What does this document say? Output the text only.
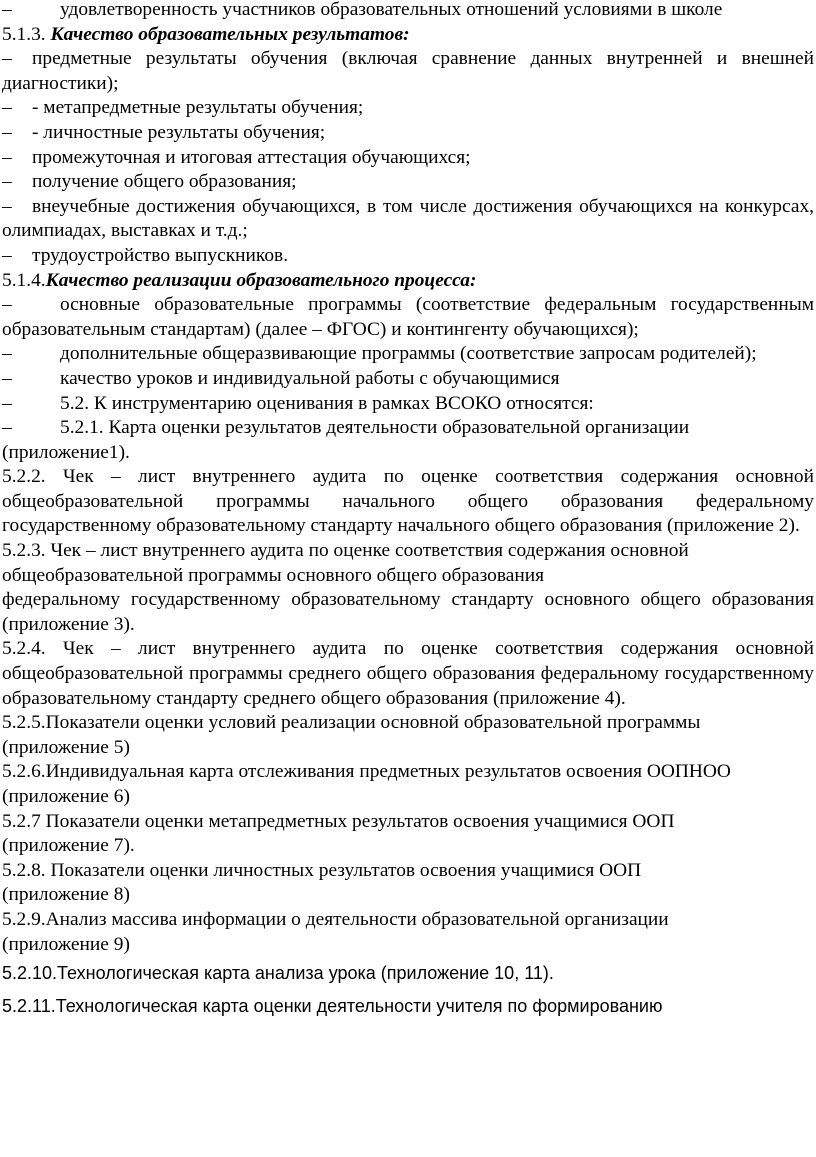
– удовлетворенность участников образовательных отношений условиями в школе

5.1.3. Качество образовательных результатов:

– предметные результаты обучения (включая сравнение данных внутренней и внешней диагностики);

– - метапредметные результаты обучения;

– - личностные результаты обучения;

– промежуточная и итоговая аттестация обучающихся;

– получение общего образования;

– внеучебные достижения обучающихся, в том числе достижения обучающихся на конкурсах, олимпиадах, выставках и т.д.;

– трудоустройство выпускников.

5.1.4.Качество реализации образовательного процесса:

– основные образовательные программы (соответствие федеральным государственным образовательным стандартам) (далее – ФГОС) и контингенту обучающихся);

– дополнительные общеразвивающие программы (соответствие запросам родителей);

– качество уроков и индивидуальной работы с обучающимися

– 5.2. К инструментарию оценивания в рамках ВСОКО относятся:

– 5.2.1. Карта оценки результатов деятельности образовательной организации

(приложение1).

5.2.2. Чек – лист внутреннего аудита по оценке соответствия содержания основной общеобразовательной программы начального общего образования федеральному государственному образовательному стандарту начального общего образования (приложение 2).

5.2.3. Чек – лист внутреннего аудита по оценке соответствия содержания основной

общеобразовательной программы основного общего образования

федеральному государственному образовательному стандарту основного общего образования (приложение 3).

5.2.4. Чек – лист внутреннего аудита по оценке соответствия содержания основной общеобразовательной программы среднего общего образования федеральному государственному образовательному стандарту среднего общего образования (приложение 4).

5.2.5.Показатели оценки условий реализации основной образовательной программы

(приложение 5)

5.2.6.Индивидуальная карта отслеживания предметных результатов освоения ООПНОО

(приложение 6)

5.2.7 Показатели оценки метапредметных результатов освоения учащимися ООП

(приложение 7).

5.2.8. Показатели оценки личностных результатов освоения учащимися ООП

(приложение 8)

5.2.9.Анализ массива информации о деятельности образовательной организации

(приложение 9)

5.2.10.Технологическая карта анализа урока (приложение 10, 11).

5.2.11.Технологическая карта оценки деятельности учителя по формированию
